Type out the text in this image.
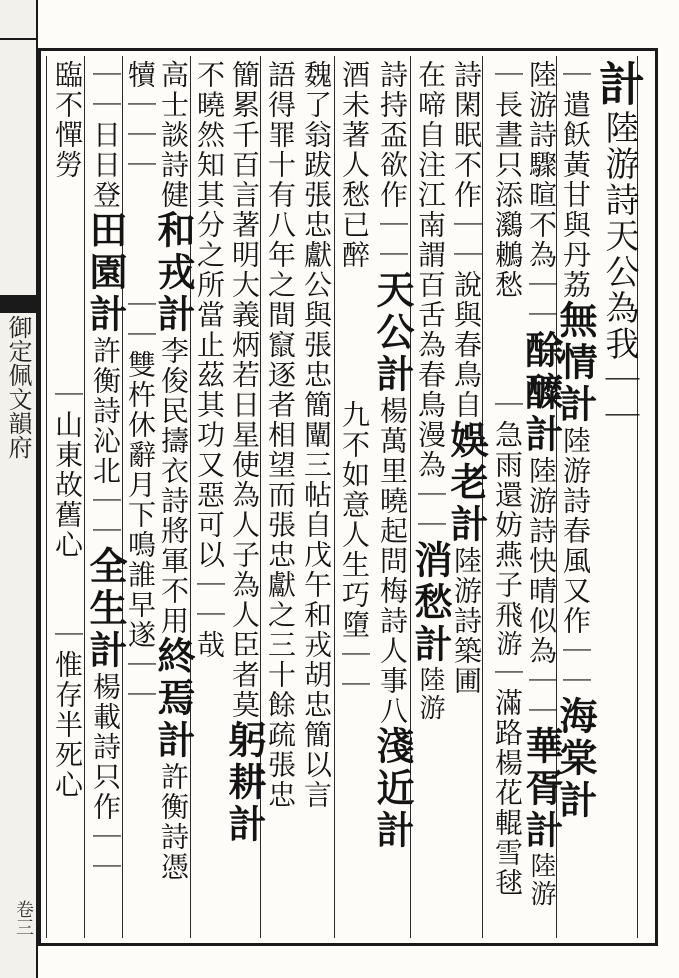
御定佩文韻府
卷三
計陸游詩天公為我｜｜
｜遣飫黃甘與丹荔無情計陸游詩春風又作｜｜海棠計
陸游詩驟暄不為｜｜酴醾計陸游詩快晴似為｜｜華胥計陸游
｜長晝只添鸂鶒愁｜急雨還妨燕子飛游｜滿路楊花輥雪毬
詩閑眠不作｜｜說與春鳥自娛老計陸游詩築圃
在啼自注江南謂百舌為春鳥漫為｜｜消愁計陸游
詩持盃欲作｜｜天公計楊萬里曉起問梅詩人事八淺近計
酒未著人愁已醉九不如意人生巧墮｜｜
魏了翁跋張忠獻公與張忠簡闡三帖自戊午和戎胡忠簡以言
語得罪十有八年之間竄逐者相望而張忠獻之三十餘疏張忠
簡累千百言著明大義炳若日星使為人子為人臣者莫躬耕計
不曉然知其分之所當止茲其功又惡可以｜｜哉
高士談詩健和戎計李俊民擣衣詩將軍不用終焉計許衡詩憑
犢｜｜｜｜｜雙杵休辭月下鳴誰早遂｜｜
｜｜日日登田園計許衡詩沁北｜｜全生計楊載詩只作｜｜
臨不憚勞｜山東故舊心｜惟存半死心
